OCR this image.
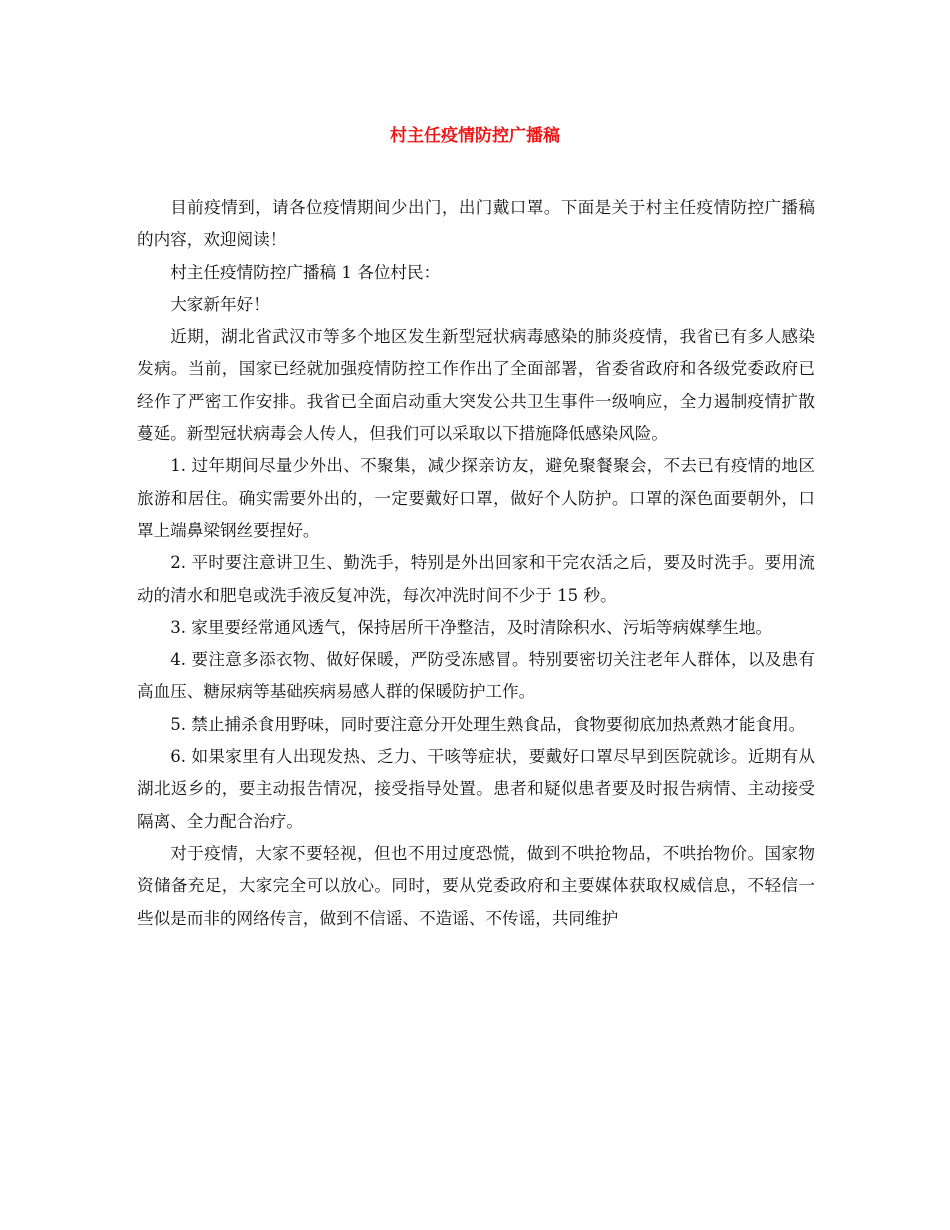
村主任疫情防控广播稿

目前疫情到，请各位疫情期间少出门，出门戴口罩。下面是关于村主任疫情防控广播稿的内容，欢迎阅读！

村主任疫情防控广播稿 1 各位村民：

大家新年好！

近期，湖北省武汉市等多个地区发生新型冠状病毒感染的肺炎疫情，我省已有多人感染发病。当前，国家已经就加强疫情防控工作作出了全面部署，省委省政府和各级党委政府已经作了严密工作安排。我省已全面启动重大突发公共卫生事件一级响应，全力遏制疫情扩散蔓延。新型冠状病毒会人传人，但我们可以采取以下措施降低感染风险。

1. 过年期间尽量少外出、不聚集，减少探亲访友，避免聚餐聚会，不去已有疫情的地区旅游和居住。确实需要外出的，一定要戴好口罩，做好个人防护。口罩的深色面要朝外，口罩上端鼻梁钢丝要捏好。

2. 平时要注意讲卫生、勤洗手，特别是外出回家和干完农活之后，要及时洗手。要用流动的清水和肥皂或洗手液反复冲洗，每次冲洗时间不少于 15 秒。

3. 家里要经常通风透气，保持居所干净整洁，及时清除积水、污垢等病媒孳生地。

4. 要注意多添衣物、做好保暖，严防受冻感冒。特别要密切关注老年人群体，以及患有高血压、糖尿病等基础疾病易感人群的保暖防护工作。

5. 禁止捕杀食用野味，同时要注意分开处理生熟食品，食物要彻底加热煮熟才能食用。

6. 如果家里有人出现发热、乏力、干咳等症状，要戴好口罩尽早到医院就诊。近期有从湖北返乡的，要主动报告情况，接受指导处置。患者和疑似患者要及时报告病情、主动接受隔离、全力配合治疗。

对于疫情，大家不要轻视，但也不用过度恐慌，做到不哄抢物品，不哄抬物价。国家物资储备充足，大家完全可以放心。同时，要从党委政府和主要媒体获取权威信息，不轻信一些似是而非的网络传言，做到不信谣、不造谣、不传谣，共同维护
